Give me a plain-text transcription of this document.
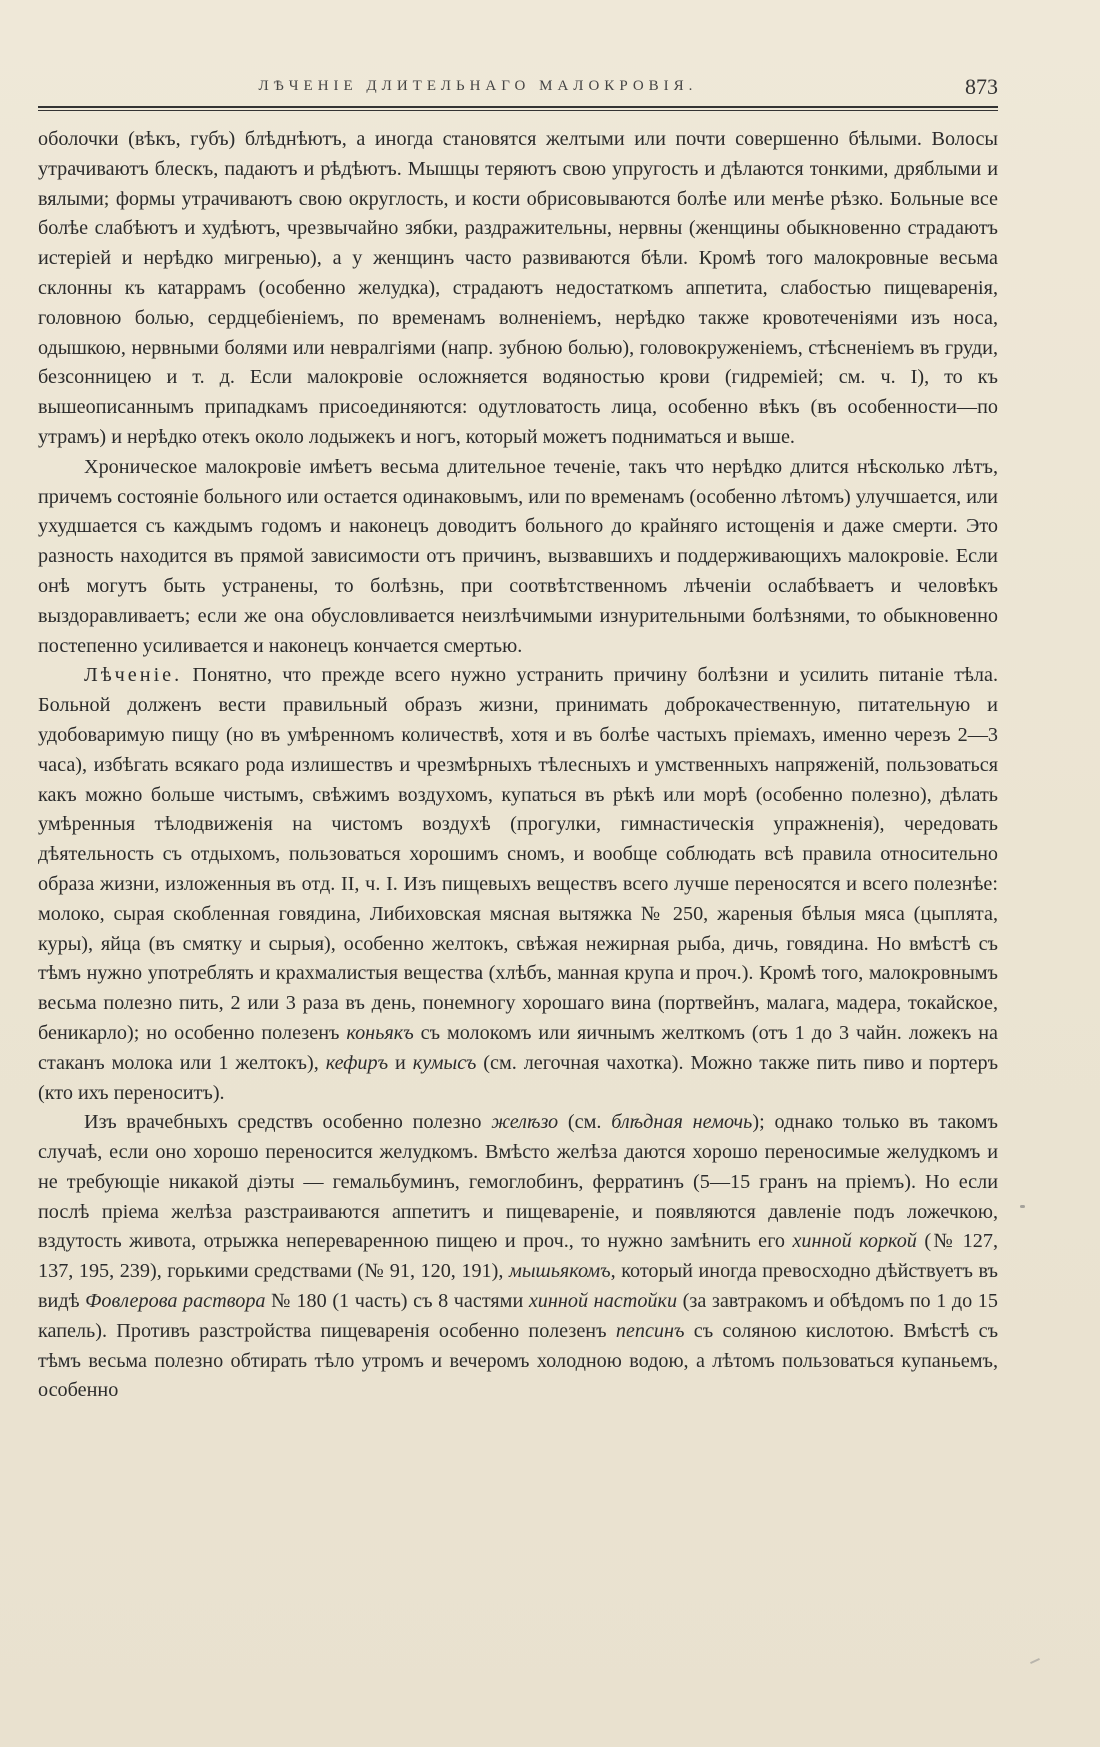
ЛѢЧЕНІЕ ДЛИТЕЛЬНАГО МАЛОКРОВІЯ.	873

оболочки (вѣкъ, губъ) блѣднѣютъ, а иногда становятся желтыми или почти совершенно бѣлыми. Волосы утрачиваютъ блескъ, падаютъ и рѣдѣютъ. Мышцы теряютъ свою упругость и дѣлаются тонкими, дряблыми и вялыми; формы утрачиваютъ свою округлость, и кости обрисовываются болѣе или менѣе рѣзко. Больные все болѣе слабѣютъ и худѣютъ, чрезвычайно зябки, раздражительны, нервны (женщины обыкновенно страдаютъ истеріей и нерѣдко мигренью), а у женщинъ часто развиваются бѣли. Кромѣ того малокровные весьма склонны къ катаррамъ (особенно желудка), страдаютъ недостаткомъ аппетита, слабостью пищеваренія, головною болью, сердцебіеніемъ, по временамъ волненіемъ, нерѣдко также кровотеченіями изъ носа, одышкою, нервными болями или невралгіями (напр. зубною болью), головокруженіемъ, стѣсненіемъ въ груди, безсонницею и т. д. Если малокровіе осложняется водяностью крови (гидреміей; см. ч. I), то къ вышеописаннымъ припадкамъ присоединяются: одутловатость лица, особенно вѣкъ (въ особенности—по утрамъ) и нерѣдко отекъ около лодыжекъ и ногъ, который можетъ подниматься и выше.

Хроническое малокровіе имѣетъ весьма длительное теченіе, такъ что нерѣдко длится нѣсколько лѣтъ, причемъ состояніе больного или остается одинаковымъ, или по временамъ (особенно лѣтомъ) улучшается, или ухудшается съ каждымъ годомъ и наконецъ доводитъ больного до крайняго истощенія и даже смерти. Это разность находится въ прямой зависимости отъ причинъ, вызвавшихъ и поддерживающихъ малокровіе. Если онѣ могутъ быть устранены, то болѣзнь, при соотвѣтственномъ лѣченіи ослабѣваетъ и человѣкъ выздоравливаетъ; если же она обусловливается неизлѣчимыми изнурительными болѣзнями, то обыкновенно постепенно усиливается и наконецъ кончается смертью.

Лѣченіе. Понятно, что прежде всего нужно устранить причину болѣзни и усилить питаніе тѣла. Больной долженъ вести правильный образъ жизни, принимать доброкачественную, питательную и удобоваримую пищу (но въ умѣренномъ количествѣ, хотя и въ болѣе частыхъ пріемахъ, именно черезъ 2—3 часа), избѣгать всякаго рода излишествъ и чрезмѣрныхъ тѣлесныхъ и умственныхъ напряженій, пользоваться какъ можно больше чистымъ, свѣжимъ воздухомъ, купаться въ рѣкѣ или морѣ (особенно полезно), дѣлать умѣренныя тѣлодвиженія на чистомъ воздухѣ (прогулки, гимнастическія упражненія), чередовать дѣятельность съ отдыхомъ, пользоваться хорошимъ сномъ, и вообще соблюдать всѣ правила относительно образа жизни, изложенныя въ отд. II, ч. I. Изъ пищевыхъ веществъ всего лучше переносятся и всего полезнѣе: молоко, сырая скобленная говядина, Либиховская мясная вытяжка № 250, жареныя бѣлыя мяса (цыплята, куры), яйца (въ смятку и сырыя), особенно желтокъ, свѣжая нежирная рыба, дичь, говядина. Но вмѣстѣ съ тѣмъ нужно употреблять и крахмалистыя вещества (хлѣбъ, манная крупа и проч.). Кромѣ того, малокровнымъ весьма полезно пить, 2 или 3 раза въ день, понемногу хорошаго вина (портвейнъ, малага, мадера, токайское, беникарло); но особенно полезенъ коньякъ съ молокомъ или яичнымъ желткомъ (отъ 1 до 3 чайн. ложекъ на стаканъ молока или 1 желтокъ), кефиръ и кумысъ (см. легочная чахотка). Можно также пить пиво и портеръ (кто ихъ переноситъ).

Изъ врачебныхъ средствъ особенно полезно желѣзо (см. блѣдная немочь); однако только въ такомъ случаѣ, если оно хорошо переносится желудкомъ. Вмѣсто желѣза даются хорошо переносимые желудкомъ и не требующіе никакой діэты — гемальбуминъ, гемоглобинъ, ферратинъ (5—15 гранъ на пріемъ). Но если послѣ пріема желѣза разстраиваются аппетитъ и пищевареніе, и появляются давленіе подъ ложечкою, вздутость живота, отрыжка непереваренною пищею и проч., то нужно замѣнить его хинной коркой (№ 127, 137, 195, 239), горькими средствами (№ 91, 120, 191), мышьякомъ, который иногда превосходно дѣйствуетъ въ видѣ Фовлерова раствора № 180 (1 часть) съ 8 частями хинной настойки (за завтракомъ и обѣдомъ по 1 до 15 капель). Противъ разстройства пищеваренія особенно полезенъ пепсинъ съ соляною кислотою. Вмѣстѣ съ тѣмъ весьма полезно обтирать тѣло утромъ и вечеромъ холодною водою, а лѣтомъ пользоваться купаньемъ, особенно
